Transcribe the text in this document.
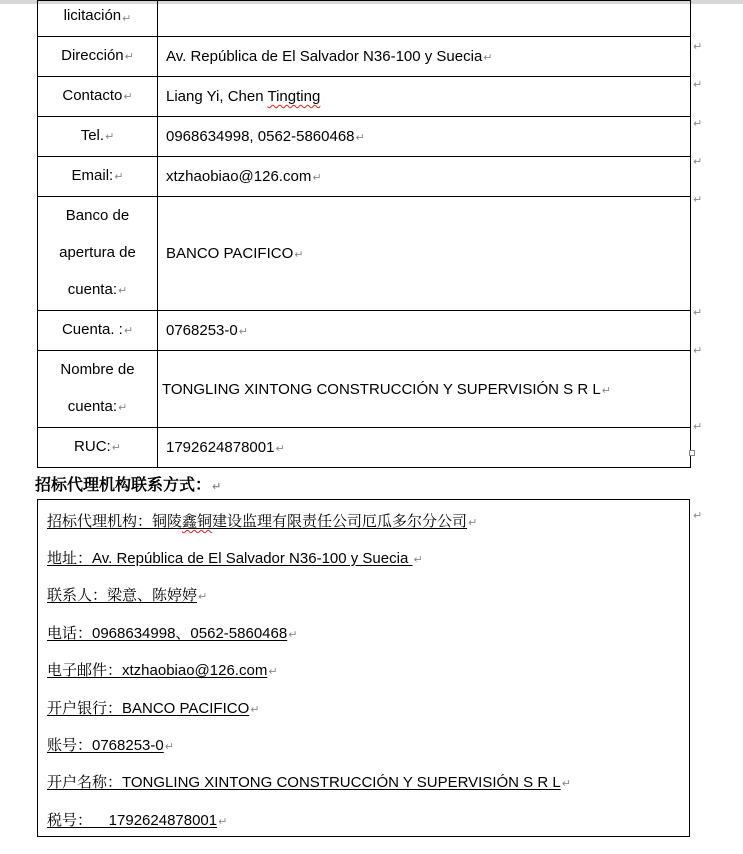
licitación↵	
Dirección↵	Av. República de El Salvador N36-100 y Suecia↵
Contacto↵	Liang Yi, Chen Tingting
Tel.↵	0968634998, 0562-5860468↵
Email:↵	xtzhaobiao@126.com↵

Banco de
apertura de
cuenta:↵	BANCO PACIFICO↵
Cuenta. :↵	0768253-0↵

Nombre de
cuenta:↵	TONGLING XINTONG CONSTRUCCIÓN Y SUPERVISIÓN S R L↵
RUC:↵	1792624878001↵
↵
↵
↵
↵
↵
↵
↵
↵
招标代理机构联系方式：↵
招标代理机构：铜陵鑫铜建设监理有限责任公司厄瓜多尔分公司↵
地址：Av. República de El Salvador N36-100 y Suecia ↵
联系人：梁意、陈婷婷↵
电话：0968634998、0562-5860468↵
电子邮件：xtzhaobiao@126.com↵
开户银行：BANCO PACIFICO↵
账号：0768253-0↵
开户名称：TONGLING XINTONG CONSTRUCCIÓN Y SUPERVISIÓN S R L↵
税号：    1792624878001↵
↵
